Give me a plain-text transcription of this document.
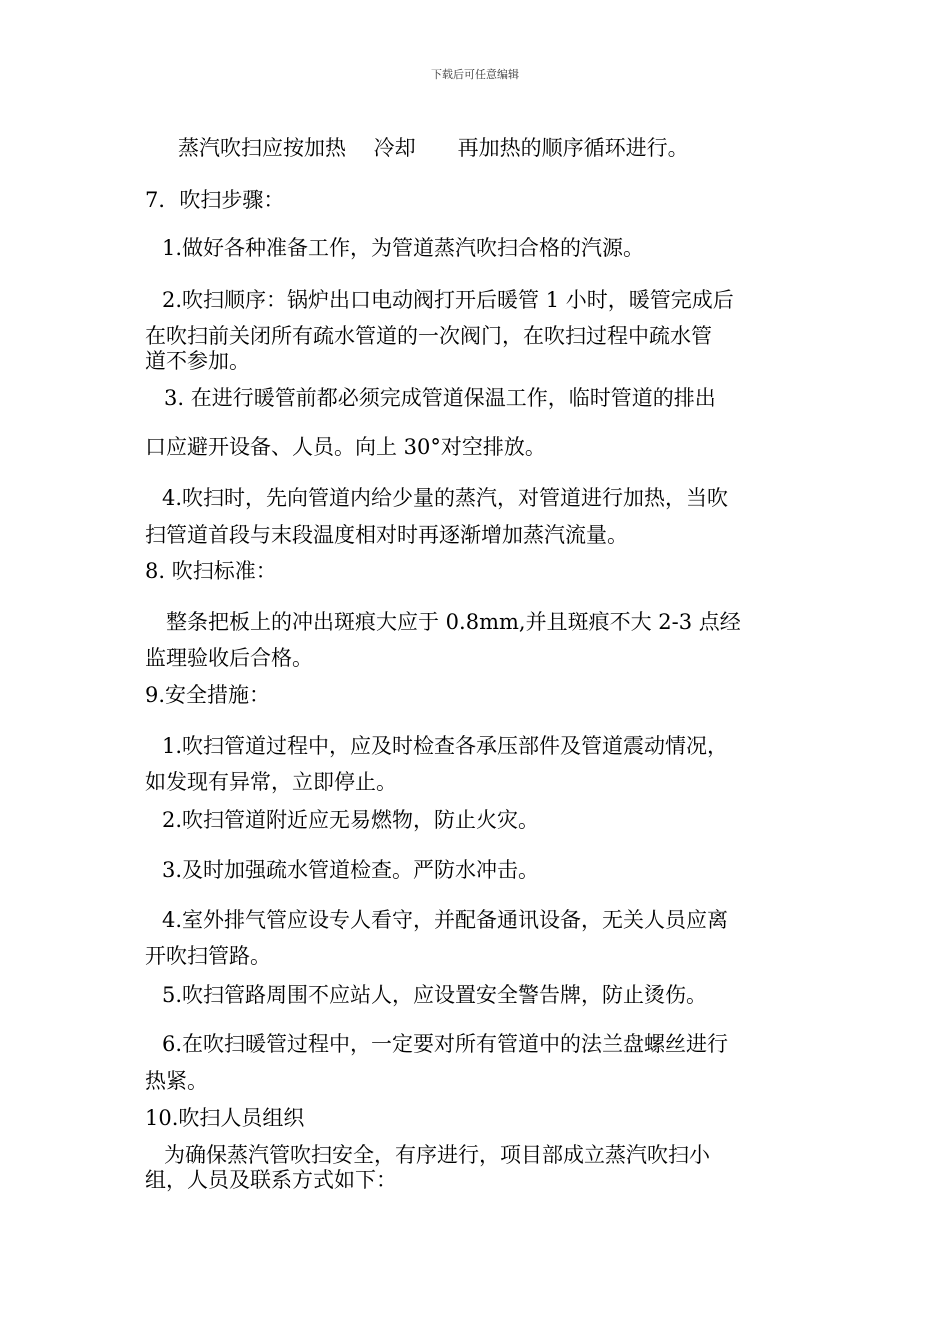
下载后可任意编辑
蒸汽吹扫应按加热　 冷却　　再加热的顺序循环进行。
7．吹扫步骤：
1.做好各种准备工作，为管道蒸汽吹扫合格的汽源。
2.吹扫顺序：锅炉出口电动阀打开后暖管 1 小时，暖管完成后
在吹扫前关闭所有疏水管道的一次阀门，在吹扫过程中疏水管
道不参加。
3. 在进行暖管前都必须完成管道保温工作，临时管道的排出
口应避开设备、人员。向上 30°对空排放。
4.吹扫时，先向管道内给少量的蒸汽，对管道进行加热，当吹
扫管道首段与末段温度相对时再逐渐增加蒸汽流量。
8. 吹扫标准：
整条把板上的冲出斑痕大应于 0.8mm,并且斑痕不大 2-3 点经
监理验收后合格。
9.安全措施：
1.吹扫管道过程中，应及时检查各承压部件及管道震动情况，
如发现有异常，立即停止。
2.吹扫管道附近应无易燃物，防止火灾。
3.及时加强疏水管道检查。严防水冲击。
4.室外排气管应设专人看守，并配备通讯设备，无关人员应离
开吹扫管路。
5.吹扫管路周围不应站人，应设置安全警告牌，防止烫伤。
6.在吹扫暖管过程中，一定要对所有管道中的法兰盘螺丝进行
热紧。
10.吹扫人员组织
为确保蒸汽管吹扫安全，有序进行，项目部成立蒸汽吹扫小
组，人员及联系方式如下：
